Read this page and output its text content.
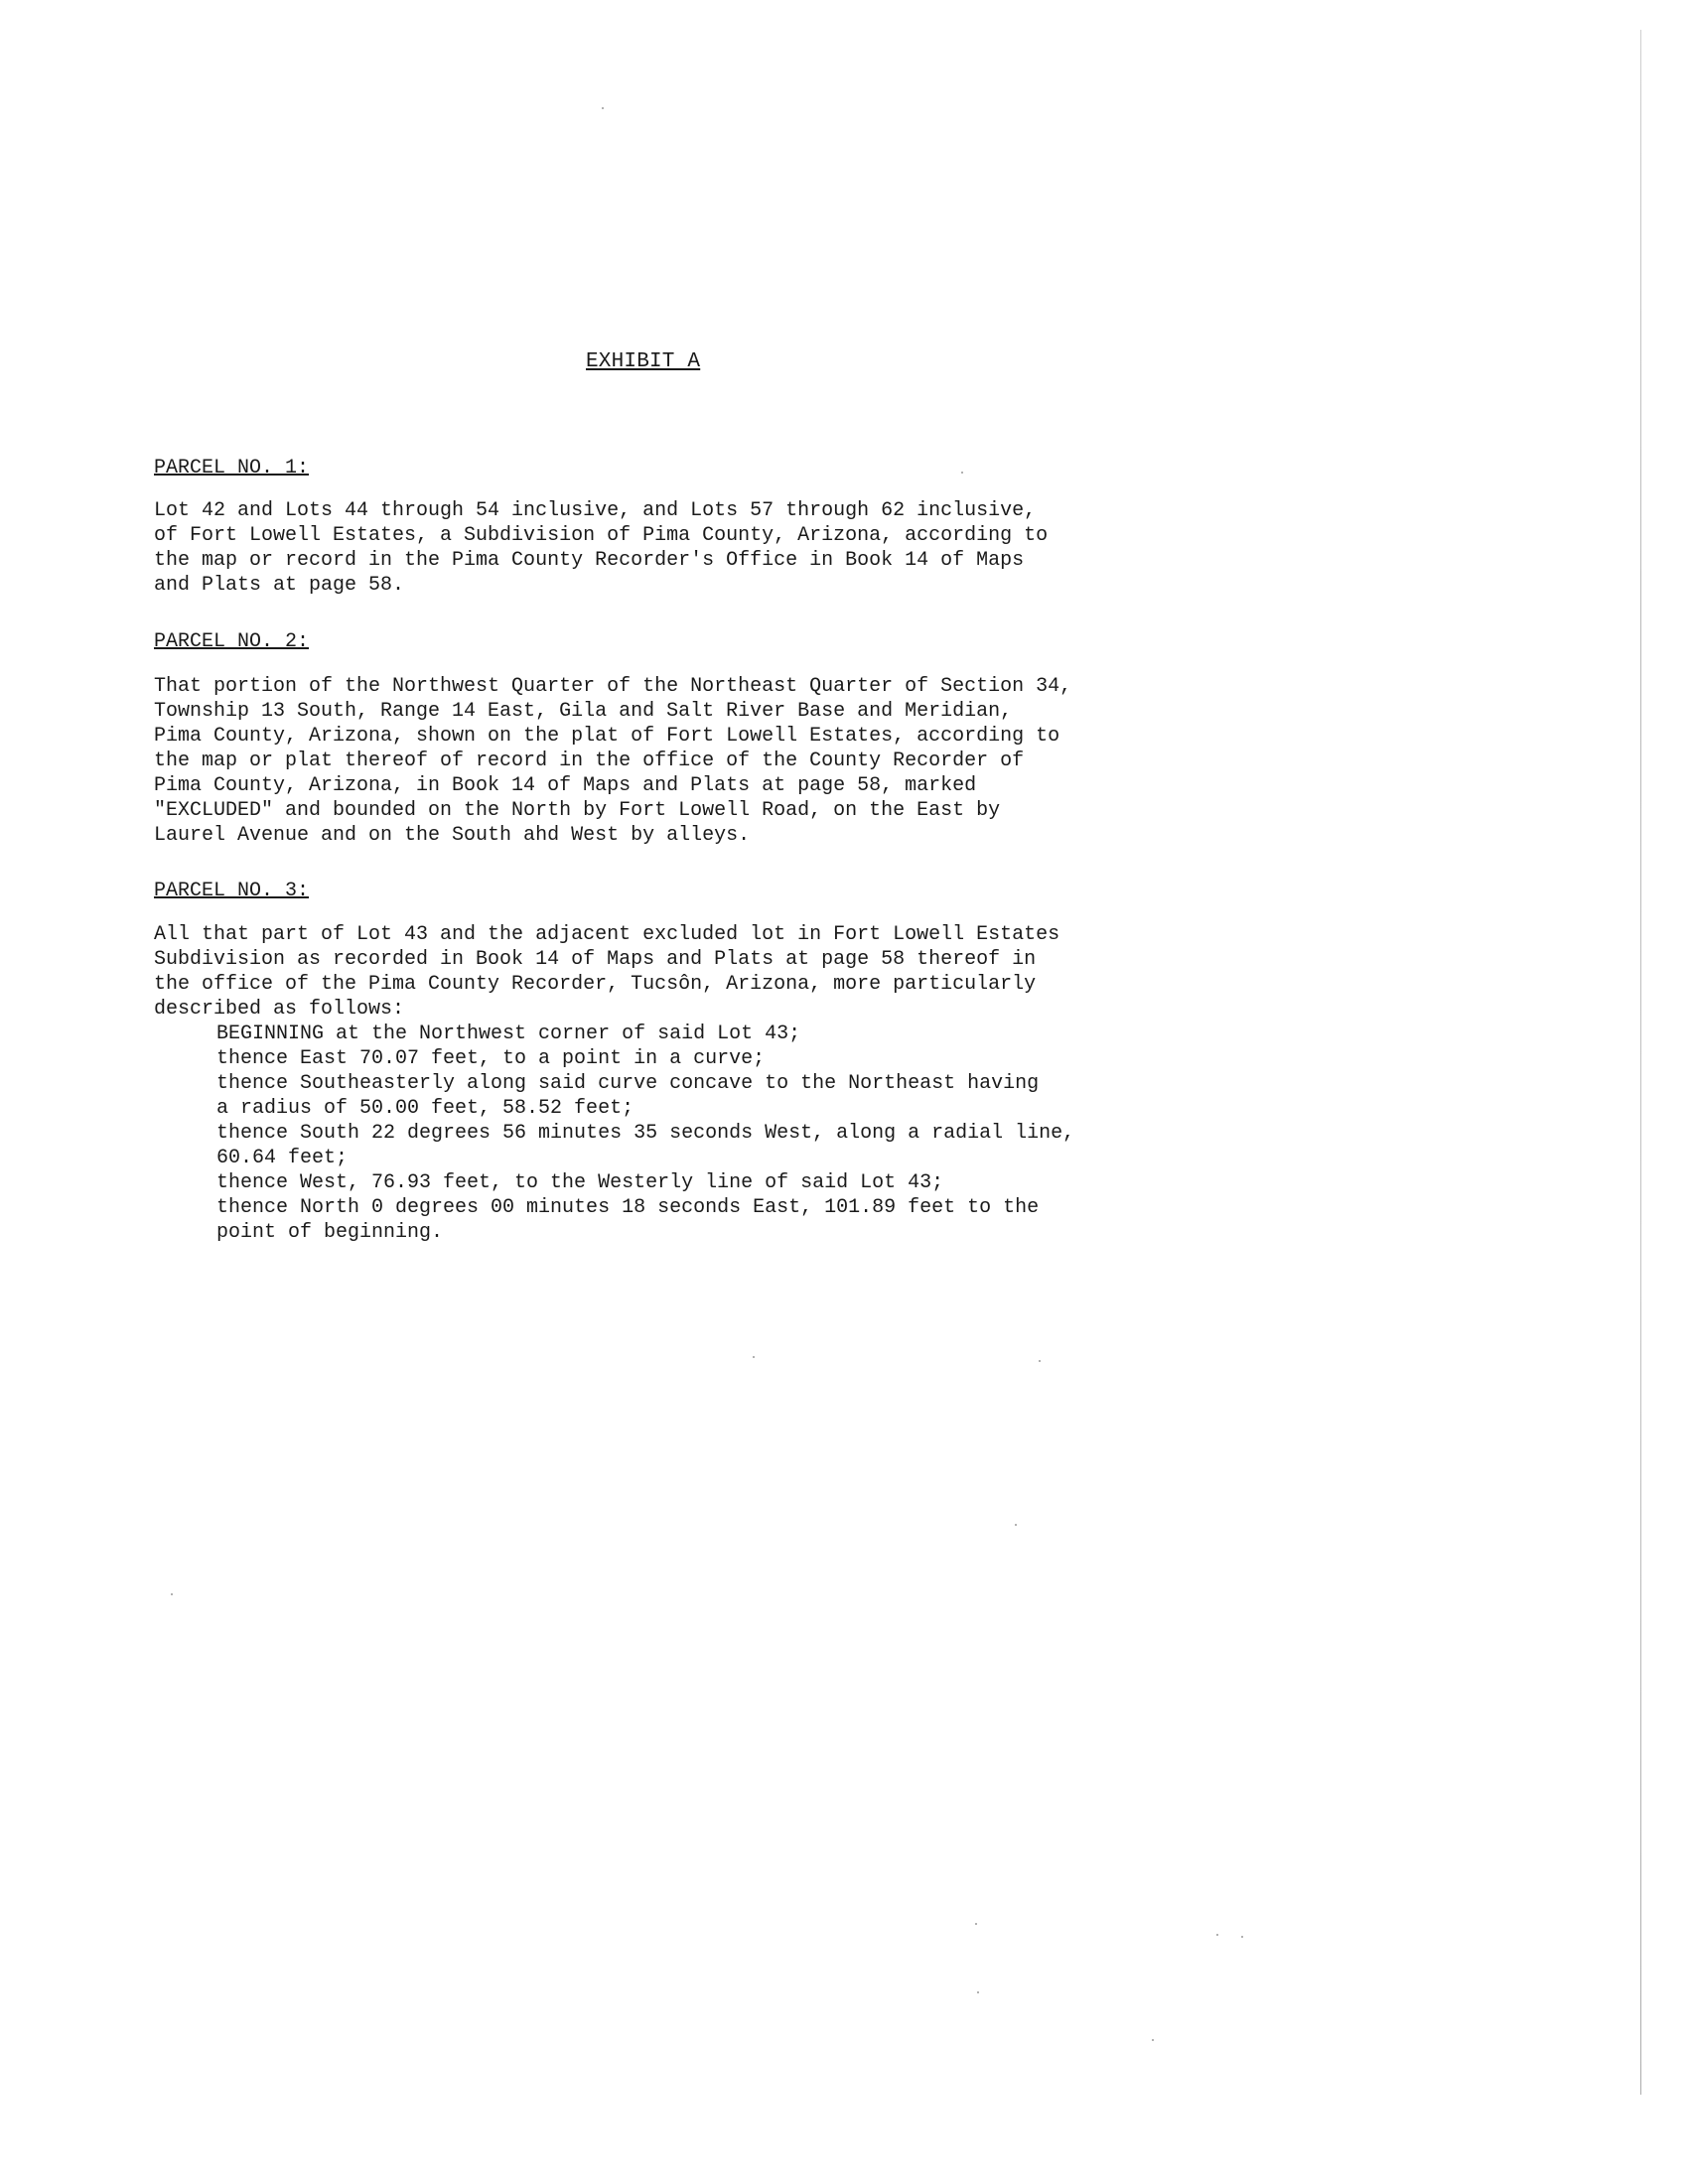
EXHIBIT A
PARCEL NO. 1:
Lot 42 and Lots 44 through 54 inclusive, and Lots 57 through 62 inclusive,
of Fort Lowell Estates, a Subdivision of Pima County, Arizona, according to
the map or record in the Pima County Recorder's Office in Book 14 of Maps
and Plats at page 58.
PARCEL NO. 2:
That portion of the Northwest Quarter of the Northeast Quarter of Section 34,
Township 13 South, Range 14 East, Gila and Salt River Base and Meridian,
Pima County, Arizona, shown on the plat of Fort Lowell Estates, according to
the map or plat thereof of record in the office of the County Recorder of
Pima County, Arizona, in Book 14 of Maps and Plats at page 58, marked
"EXCLUDED" and bounded on the North by Fort Lowell Road, on the East by
Laurel Avenue and on the South ahd West by alleys.
PARCEL NO. 3:
All that part of Lot 43 and the adjacent excluded lot in Fort Lowell Estates
Subdivision as recorded in Book 14 of Maps and Plats at page 58 thereof in
the office of the Pima County Recorder, Tucsôn, Arizona, more particularly
described as follows:
BEGINNING at the Northwest corner of said Lot 43;
thence East 70.07 feet, to a point in a curve;
thence Southeasterly along said curve concave to the Northeast having
a radius of 50.00 feet, 58.52 feet;
thence South 22 degrees 56 minutes 35 seconds West, along a radial line,
60.64 feet;
thence West, 76.93 feet, to the Westerly line of said Lot 43;
thence North 0 degrees 00 minutes 18 seconds East, 101.89 feet to the
point of beginning.
